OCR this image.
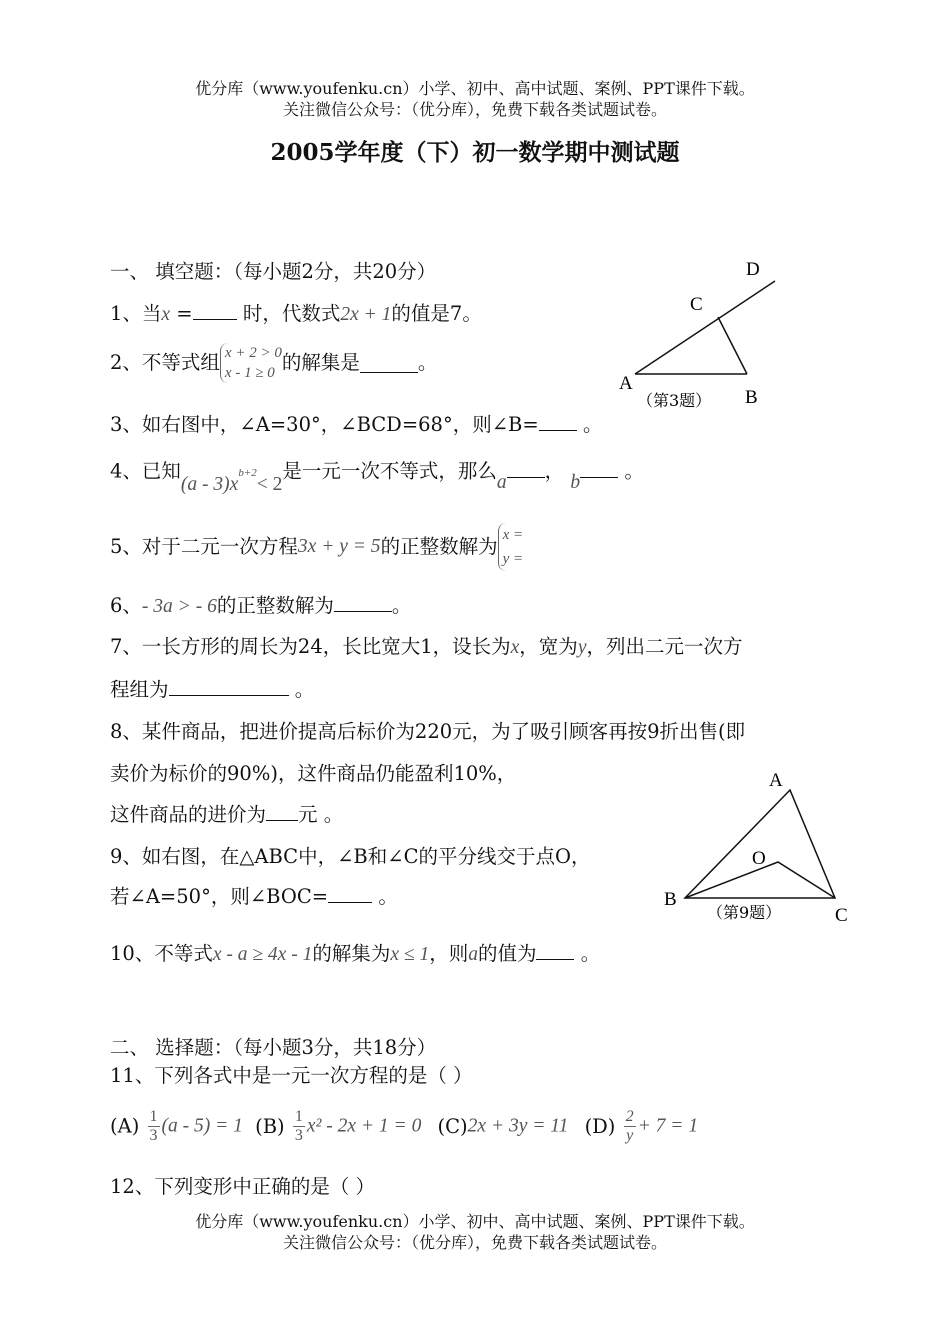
优分库（www.youfenku.cn）小学、初中、高中试题、案例、PPT课件下载。
关注微信公众号：（优分库），免费下载各类试题试卷。
2005学年度（下）初一数学期中测试题
一、 填空题：（每小题2分，共20分）
1、当x =	时，代数式2x + 1的值是7。
2、不等式组 x + 2 > 0
x - 1 ≥ 0 的解集是	。
3、如右图中，∠A=30°，∠BCD=68°，则∠B= 。
4、已知$(a - 3)x^{b+2}< 2$是一元一次不等式，那么a ， b 。
5、对于二元一次方程3x + y = 5的正整数解为 x =
y =
6、- 3a > - 6的正整数解为	。
7、一长方形的周长为24，长比宽大1，设长为x，宽为y，列出二元一次方
程组为	。
8、某件商品，把进价提高后标价为220元，为了吸引顾客再按9折出售(即
卖价为标价的90%)，这件商品仍能盈利10%，
这件商品的进价为 元 。
9、如右图，在△ABC中，∠B和∠C的平分线交于点O，
若∠A=50°，则∠BOC=	。
10、不等式x - a ≥ 4x - 1的解集为x ≤ 1，则a的值为 。
二、 选择题：（每小题3分，共18分）
11、下列各式中是一元一次方程的是（ ）
$(A) \frac{1}{3} (a - 5) = 1$ $(B) \frac{1}{3} x^2 - 2x + 1 = 0$ (C)2x + 3y = 11 $(D) \frac{2}{y} + 7 = 1$
12、下列变形中正确的是（ ）
优分库（www.youfenku.cn）小学、初中、高中试题、案例、PPT课件下载。
关注微信公众号：（优分库），免费下载各类试题试卷。
D
C
A
B
（第3题）
A
O
B
C
（第9题）
